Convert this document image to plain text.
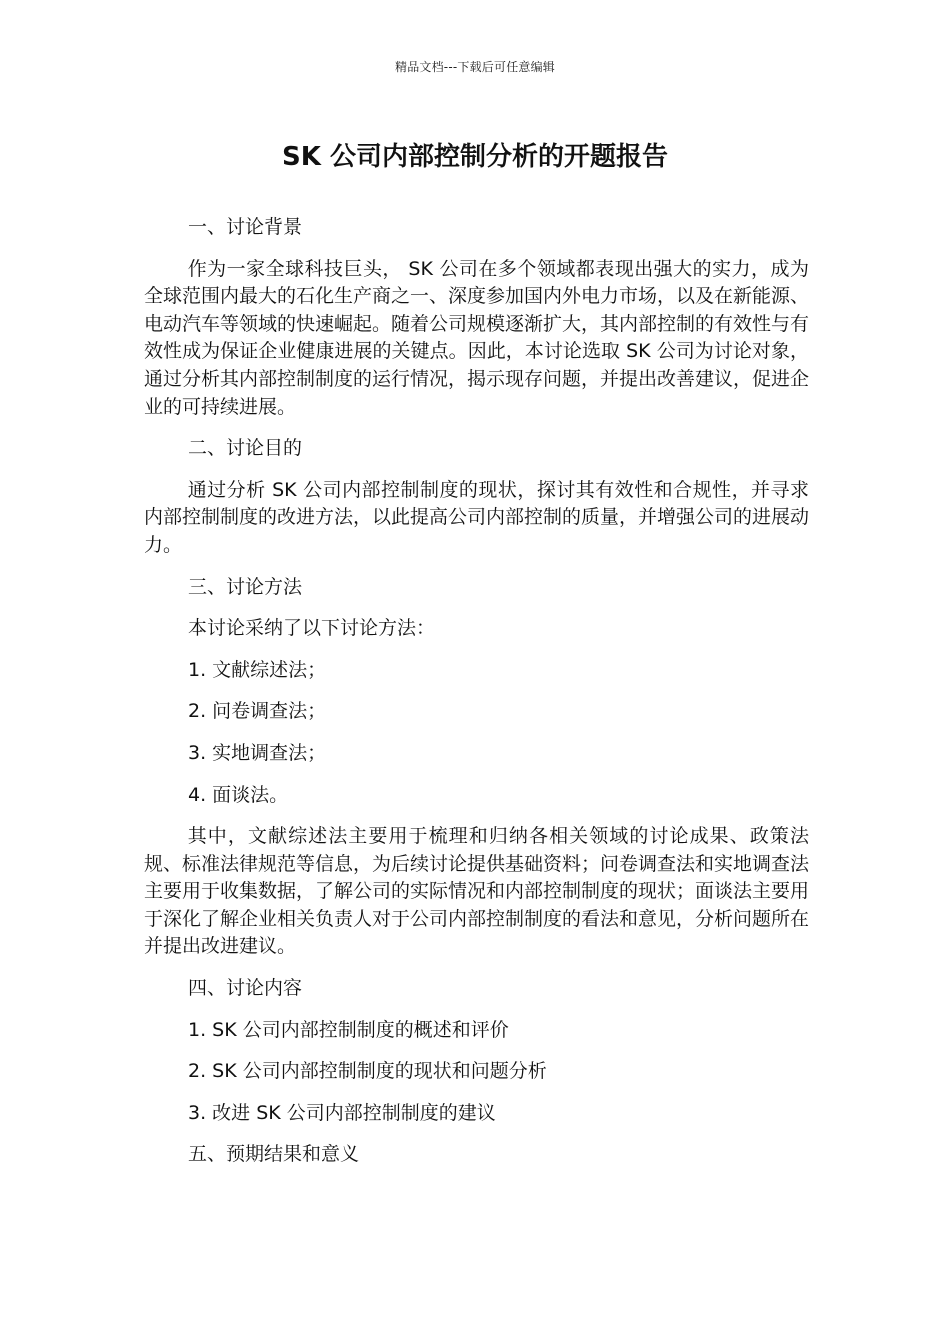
精品文档---下载后可任意编辑
SK 公司内部控制分析的开题报告

一、讨论背景

作为一家全球科技巨头， SK 公司在多个领域都表现出强大的实力，成为全球范围内最大的石化生产商之一、深度参加国内外电力市场，以及在新能源、电动汽车等领域的快速崛起。随着公司规模逐渐扩大，其内部控制的有效性与有效性成为保证企业健康进展的关键点。因此，本讨论选取 SK 公司为讨论对象，通过分析其内部控制制度的运行情况，揭示现存问题，并提出改善建议，促进企业的可持续进展。

二、讨论目的

通过分析 SK 公司内部控制制度的现状，探讨其有效性和合规性，并寻求内部控制制度的改进方法，以此提高公司内部控制的质量，并增强公司的进展动力。

三、讨论方法

本讨论采纳了以下讨论方法：

1. 文献综述法；

2. 问卷调查法；

3. 实地调查法；

4. 面谈法。

其中，文献综述法主要用于梳理和归纳各相关领域的讨论成果、政策法规、标准法律规范等信息，为后续讨论提供基础资料；问卷调查法和实地调查法主要用于收集数据，了解公司的实际情况和内部控制制度的现状；面谈法主要用于深化了解企业相关负责人对于公司内部控制制度的看法和意见，分析问题所在并提出改进建议。

四、讨论内容

1. SK 公司内部控制制度的概述和评价

2. SK 公司内部控制制度的现状和问题分析

3. 改进 SK 公司内部控制制度的建议

五、预期结果和意义
